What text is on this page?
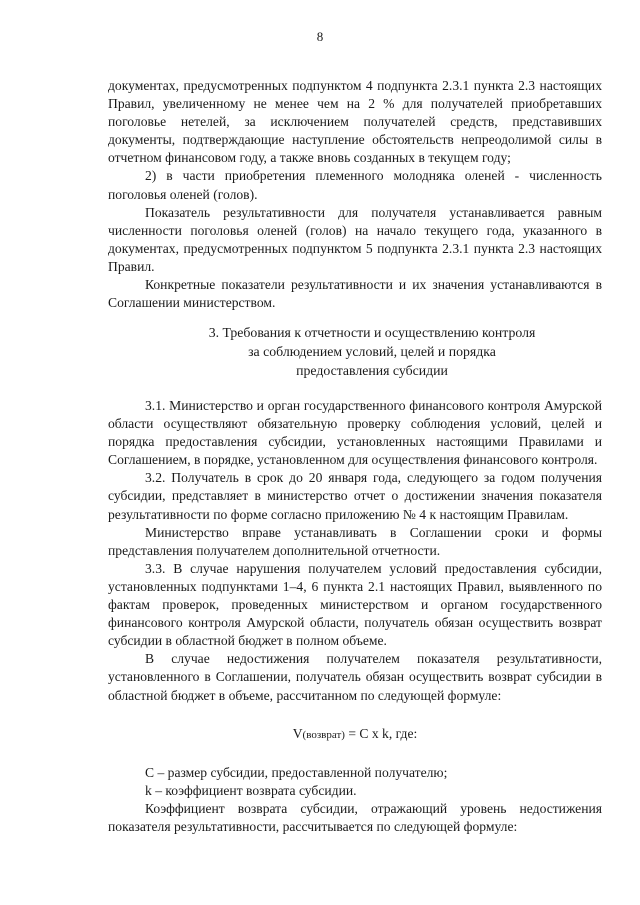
8

документах, предусмотренных подпунктом 4 подпункта 2.3.1 пункта 2.3 настоящих Правил, увеличенному не менее чем на 2 % для получателей приобретавших поголовье нетелей, за исключением получателей средств, представивших документы, подтверждающие наступление обстоятельств непреодолимой силы в отчетном финансовом году, а также вновь созданных в текущем году;

2) в части приобретения племенного молодняка оленей - численность поголовья оленей (голов).

Показатель результативности для получателя устанавливается равным численности поголовья оленей (голов) на начало текущего года, указанного в документах, предусмотренных подпунктом 5 подпункта 2.3.1 пункта 2.3 настоящих Правил.

Конкретные показатели результативности и их значения устанавливаются в Соглашении министерством.

3. Требования к отчетности и осуществлению контроля
за соблюдением условий, целей и порядка
предоставления субсидии

3.1. Министерство и орган государственного финансового контроля Амурской области осуществляют обязательную проверку соблюдения условий, целей и порядка предоставления субсидии, установленных настоящими Правилами и Соглашением, в порядке, установленном для осуществления финансового контроля.

3.2. Получатель в срок до 20 января года, следующего за годом получения субсидии, представляет в министерство отчет о достижении значения показателя результативности по форме согласно приложению № 4 к настоящим Правилам.

Министерство вправе устанавливать в Соглашении сроки и формы представления получателем дополнительной отчетности.

3.3. В случае нарушения получателем условий предоставления субсидии, установленных подпунктами 1–4, 6 пункта 2.1 настоящих Правил, выявленного по фактам проверок, проведенных министерством и органом государственного финансового контроля Амурской области, получатель обязан осуществить возврат субсидии в областной бюджет в полном объеме.

В случае недостижения получателем показателя результативности, установленного в Соглашении, получатель обязан осуществить возврат субсидии в областной бюджет в объеме, рассчитанном по следующей формуле:

V(возврат) = C x k, где:

C – размер субсидии, предоставленной получателю;

k – коэффициент возврата субсидии.

Коэффициент возврата субсидии, отражающий уровень недостижения показателя результативности, рассчитывается по следующей формуле:
